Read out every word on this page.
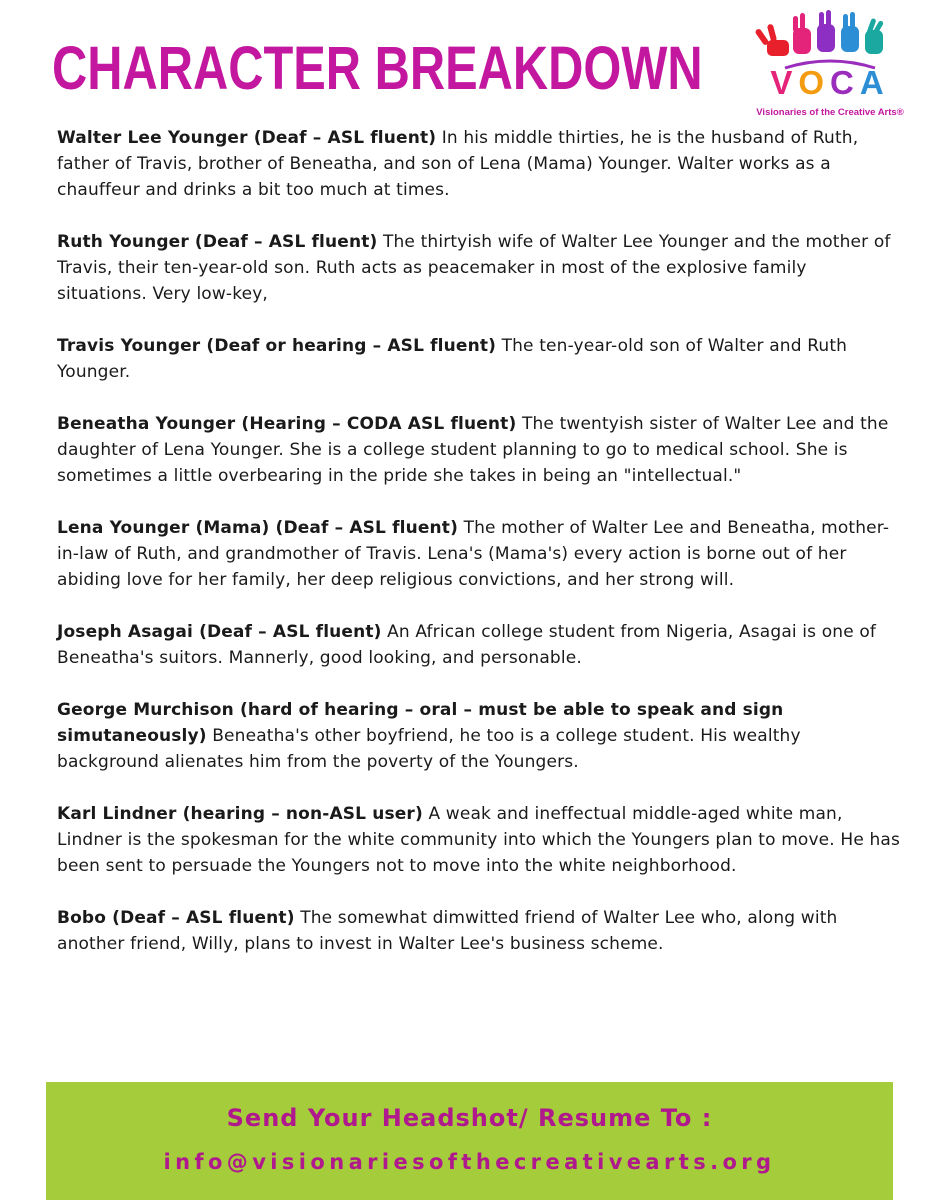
CHARACTER BREAKDOWN	VOCA
Visionaries of the Creative Arts®

Walter Lee Younger (Deaf – ASL fluent) In his middle thirties, he is the husband of Ruth, father of Travis, brother of Beneatha, and son of Lena (Mama) Younger. Walter works as a chauffeur and drinks a bit too much at times.

Ruth Younger (Deaf – ASL fluent) The thirtyish wife of Walter Lee Younger and the mother of Travis, their ten-year-old son. Ruth acts as peacemaker in most of the explosive family situations. Very low-key,

Travis Younger (Deaf or hearing – ASL fluent) The ten-year-old son of Walter and Ruth Younger.

Beneatha Younger (Hearing – CODA ASL fluent) The twentyish sister of Walter Lee and the daughter of Lena Younger. She is a college student planning to go to medical school. She is sometimes a little overbearing in the pride she takes in being an "intellectual."

Lena Younger (Mama) (Deaf – ASL fluent) The mother of Walter Lee and Beneatha, mother-in-law of Ruth, and grandmother of Travis. Lena's (Mama's) every action is borne out of her abiding love for her family, her deep religious convictions, and her strong will.

Joseph Asagai (Deaf – ASL fluent) An African college student from Nigeria, Asagai is one of Beneatha's suitors. Mannerly, good looking, and personable.

George Murchison (hard of hearing – oral – must be able to speak and sign simutaneously) Beneatha's other boyfriend, he too is a college student. His wealthy background alienates him from the poverty of the Youngers.

Karl Lindner (hearing – non-ASL user) A weak and ineffectual middle-aged white man, Lindner is the spokesman for the white community into which the Youngers plan to move. He has been sent to persuade the Youngers not to move into the white neighborhood.

Bobo (Deaf – ASL fluent) The somewhat dimwitted friend of Walter Lee who, along with another friend, Willy, plans to invest in Walter Lee's business scheme.

Send Your Headshot/ Resume To :
info@visionariesofthecreativearts.org
